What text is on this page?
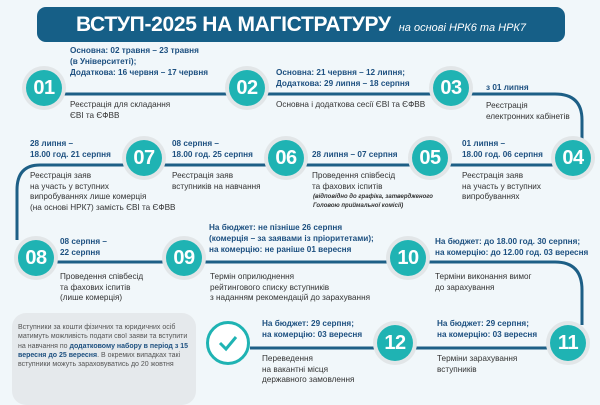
ВСТУП-2025 НА МАГІСТРАТУРУ на основі НРК6 та НРК7
01	02	03
04
05
06
07
08	09	10
11
12
Основна: 02 травня – 23 травня
(в Університеті);
Додаткова: 16 червня – 17 червня
Реєстрація для складання
ЄВІ та ЄФВВ
Основна: 21 червня – 12 липня;
Додаткова: 29 липня – 18 серпня
Основна і додаткова сесії ЄВІ та ЄФВВ
з 01 липня
Реєстрація
електронних кабінетів
01 липня –
18.00 год. 06 серпня
Реєстрація заяв
на участь у вступних
випробуваннях
28 липня – 07 серпня
Проведення співбесід
та фахових іспитів
(відповідно до графіка, затвердженого
Головою приймальної комісії)
08 серпня –
18.00 год. 25 серпня
Реєстрація заяв
вступників на навчання
28 липня –
18.00 год. 21 серпня
Реєстрація заяв
на участь у вступних
випробуваннях лише комерція
(на основі НРК7) замість ЄВІ та ЄФВВ
08 серпня –
22 серпня
Проведення співбесід
та фахових іспитів
(лише комерція)
На бюджет: не пізніше 26 серпня
(комерція – за заявами із пріоритетами);
на комерцію: не раніше 01 вересня
Термін оприлюднення
рейтингового списку вступників
з наданням рекомендацій до зарахування
На бюджет: до 18.00 год. 30 серпня;
на комерцію: до 12.00 год. 03 вересня
Терміни виконання вимог
до зарахування
На бюджет: 29 серпня;
на комерцію: 03 вересня
Терміни зарахування
вступників
На бюджет: 29 серпня;
на комерцію: 03 вересня
Переведення
на вакантні місця
державного замовлення
Вступники за кошти фізичних та юридичних осіб матимуть можливість подати свої заяви та вступити на навчання по додатковому набору в період з 15 вересня до 25 вересня. В окремих випадках такі вступники можуть зараховуватись до 20 жовтня
